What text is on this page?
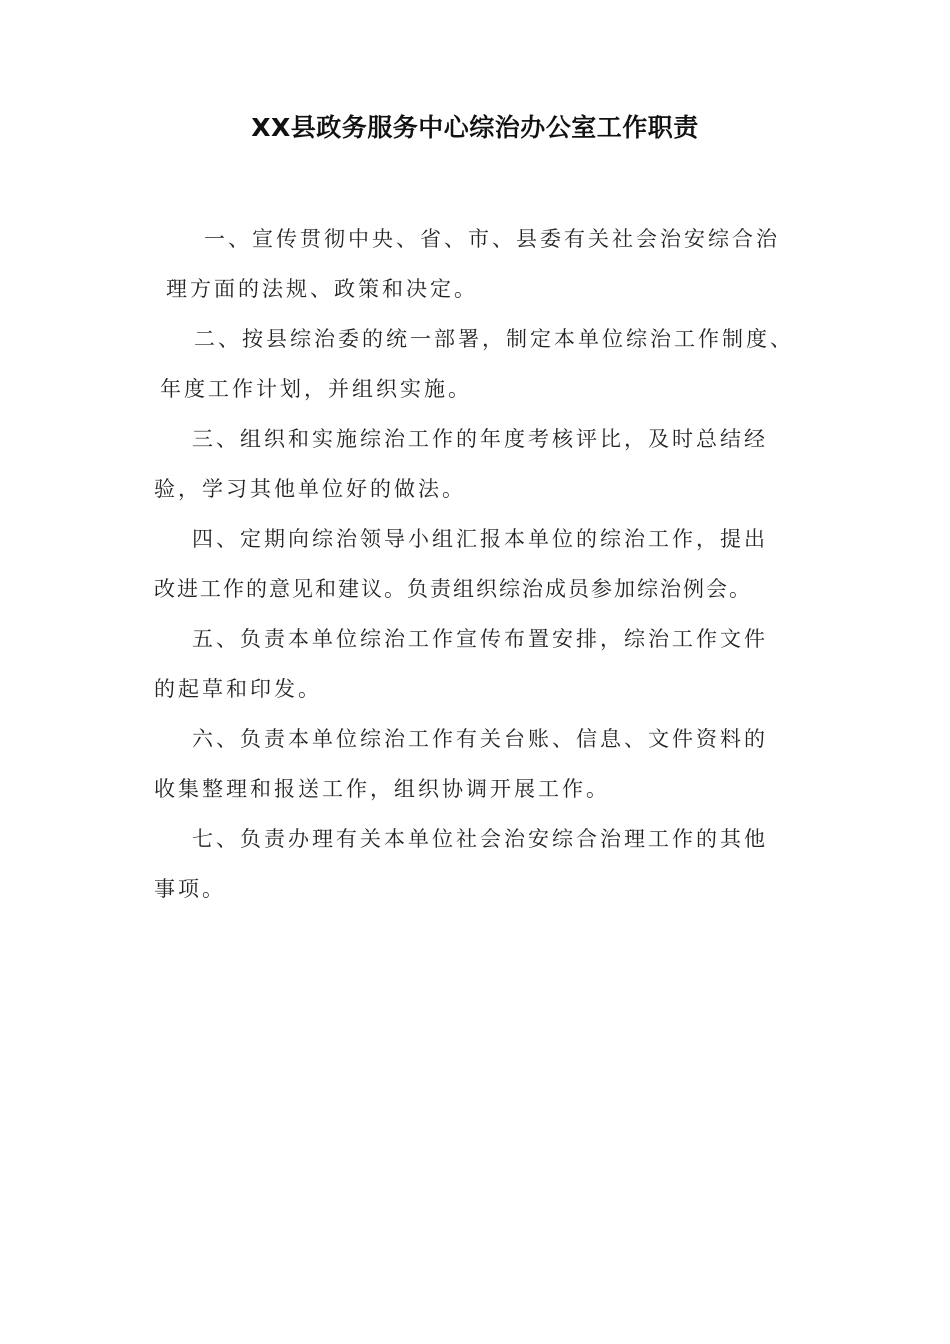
XX县政务服务中心综治办公室工作职责

一、宣传贯彻中央、省、市、县委有关社会治安综合治
理方面的法规、政策和决定。

二、按县综治委的统一部署，制定本单位综治工作制度、
年度工作计划，并组织实施。

三、组织和实施综治工作的年度考核评比，及时总结经
验，学习其他单位好的做法。

四、定期向综治领导小组汇报本单位的综治工作，提出
改进工作的意见和建议。负责组织综治成员参加综治例会。

五、负责本单位综治工作宣传布置安排，综治工作文件
的起草和印发。

六、负责本单位综治工作有关台账、信息、文件资料的
收集整理和报送工作，组织协调开展工作。

七、负责办理有关本单位社会治安综合治理工作的其他
事项。
